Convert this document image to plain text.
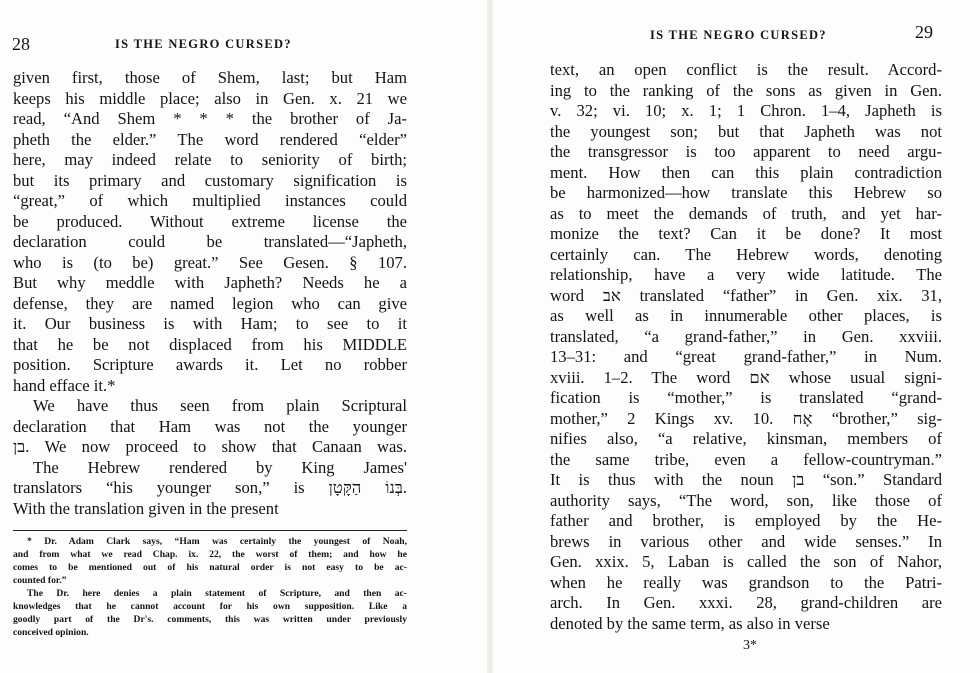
28	IS THE NEGRO CURSED?
given first, those of Shem, last; but Ham
keeps his middle place; also in Gen. x. 21 we
read, “And Shem * * * the brother of Ja-
pheth the elder.” The word rendered “elder”
here, may indeed relate to seniority of birth;
but its primary and customary signification is
“great,” of which multiplied instances could
be produced. Without extreme license the
declaration could be translated—“Japheth,
who is (to be) great.” See Gesen. § 107.
But why meddle with Japheth? Needs he a
defense, they are named legion who can give
it. Our business is with Ham; to see to it
that he be not displaced from his MIDDLE
position. Scripture awards it. Let no robber
hand efface it.*
We have thus seen from plain Scriptural
declaration that Ham was not the younger
בן. We now proceed to show that Canaan was.
The Hebrew rendered by King James'
translators “his younger son,” is בְּנוֹ הַקָּטָן.
With the translation given in the present
* Dr. Adam Clark says, “Ham was certainly the youngest of Noah,
and from what we read Chap. ix. 22, the worst of them; and how he
comes to be mentioned out of his natural order is not easy to be ac-
counted for.”
The Dr. here denies a plain statement of Scripture, and then ac-
knowledges that he cannot account for his own supposition. Like a
goodly part of the Dr's. comments, this was written under previously
conceived opinion.
IS THE NEGRO CURSED?	29
text, an open conflict is the result. Accord-
ing to the ranking of the sons as given in Gen.
v. 32; vi. 10; x. 1; 1 Chron. 1–4, Japheth is
the youngest son; but that Japheth was not
the transgressor is too apparent to need argu-
ment. How then can this plain contradiction
be harmonized—how translate this Hebrew so
as to meet the demands of truth, and yet har-
monize the text? Can it be done? It most
certainly can. The Hebrew words, denoting
relationship, have a very wide latitude. The
word אב translated “father” in Gen. xix. 31,
as well as in innumerable other places, is
translated, “a grand-father,” in Gen. xxviii.
13–31: and “great grand-father,” in Num.
xviii. 1–2. The word אם whose usual signi-
fication is “mother,” is translated “grand-
mother,” 2 Kings xv. 10. אָח “brother,” sig-
nifies also, “a relative, kinsman, members of
the same tribe, even a fellow-countryman.”
It is thus with the noun בן “son.” Standard
authority says, “The word, son, like those of
father and brother, is employed by the He-
brews in various other and wide senses.” In
Gen. xxix. 5, Laban is called the son of Nahor,
when he really was grandson to the Patri-
arch. In Gen. xxxi. 28, grand-children are
denoted by the same term, as also in verse
3*
